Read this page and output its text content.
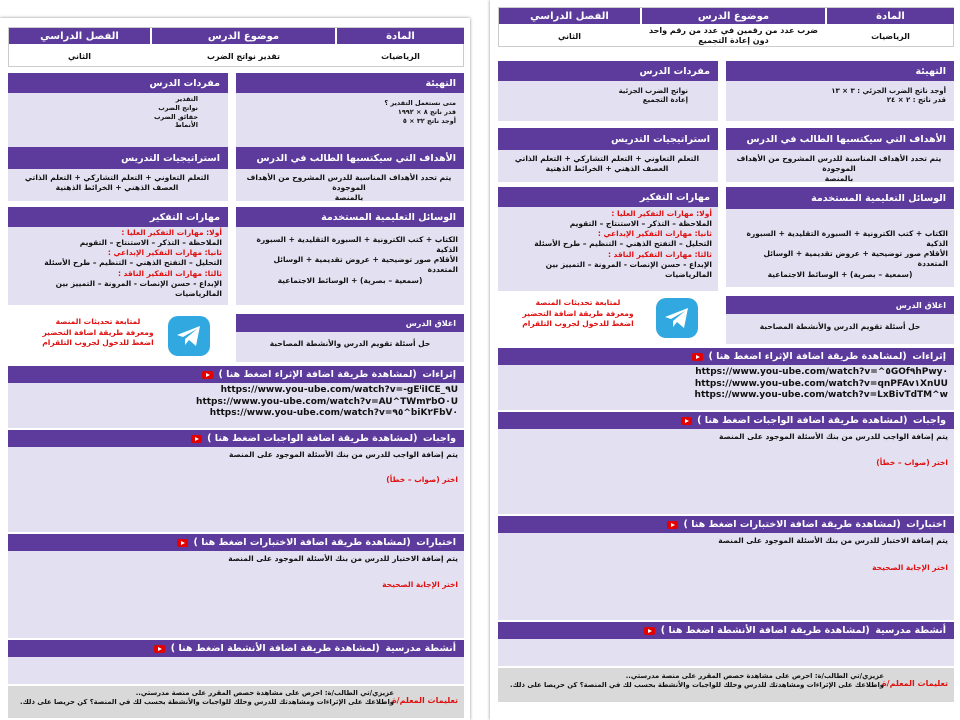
المادة
موضوع الدرس
الفصل الدراسي
الرياضيات
تقدير نواتج الضرب
الثاني
التهيئة
متى نستعمل التقدير ؟
قدر ناتج ٨ × ١٩٩٢
أوجد ناتج ٣٢ × ٥
مفردات الدرس
التقدير
نواتج الضرب
حقائق الضرب
الأنماط
الأهداف التي سيكتسبها الطالب في الدرس
يتم تحدد الأهداف المناسبة للدرس المشروح من الأهداف الموجودة
بالمنصة
استراتيجيات التدريس
التعلم التعاوني + التعلم التشاركي + التعلم الذاتي
العصف الذهني + الخرائط الذهنية
الوسائل التعليمية المستخدمة
الكتاب + كتب الكترونية + السبورة التقليدية + السبورة الذكية
الأقلام صور توضيحية + عروض تقديمية + الوسائل المتعددة
(سمعية – بصرية) + الوسائط الاجتماعية
مهارات التفكير
أولا: مهارات التفكير العليا :
الملاحظة – التذكر – الاستنتاج – التقويم
ثانيا: مهارات التفكير الإبداعي :
التحليل – التفتح الذهني – التنظيم – طرح الأسئلة
ثالثا: مهارات التفكير الناقد :
الإبداع - حسن الإنصات - المرونة – التمييز بين المالرياضيات
لمتابعة تحديثات المنصة
ومعرفة طريقة اضافة التحضير
اضغط للدخول لجروب التلقرام
اغلاق الدرس
حل أسئلة تقويم الدرس والأنشطة المصاحبة
إثراءات

(لمشاهدة طريقة اضافة الإثراء اضغط هنا )

https://www.you-ube.com/watch?v=-gEⁱiICE_٩U
https://www.you-ube.com/watch?v=AU^TWm٣bO٠U
https://www.you-ube.com/watch?v=٩٥^biK٢FbV٠
واجبات

(لمشاهدة طريقة اضافة الواجبات اضغط هنا )

يتم إضافة الواجب للدرس من بنك الأسئلة الموجود على المنصة
اختر (صواب – خطأ)
اختبارات

(لمشاهدة طريقة اضافة الاختبارات اضغط هنا )

يتم إضافة الاختبار للدرس من بنك الأسئلة الموجود على المنصة
اختر الإجابة الصحيحة
أنشطة مدرسية

(لمشاهدة طريقة اضافة الأنشطة اضغط هنا )

تعليمات المعلم/ة
عزيزي/تي الطالب/ة: احرص على مشاهدة حصص المقرر على منصة مدرستي..
واطلاعك على الإثراءات ومشاهدتك للدرس وحلك للواجبات والأنشطة بحسب لك في المنصة؟ كن حريصا على ذلك.
المادة
موضوع الدرس
الفصل الدراسي
الرياضيات
ضرب عدد من رقمين في عدد من رقم واحد دون إعادة التجميع
الثاني
التهيئة
أوجد ناتج الضرب الجزئي : ٣ × ١٣
قدر ناتج : ٢ × ٢٤
مفردات الدرس
نواتج الضرب الجزئية
إعادة التجميع
الأهداف التي سيكتسبها الطالب في الدرس
يتم تحدد الأهداف المناسبة للدرس المشروح من الأهداف الموجودة
بالمنصة
استراتيجيات التدريس
التعلم التعاوني + التعلم التشاركي + التعلم الذاتي
العصف الذهني + الخرائط الذهنية
الوسائل التعليمية المستخدمة
الكتاب + كتب الكترونية + السبورة التقليدية + السبورة الذكية
الأقلام صور توضيحية + عروض تقديمية + الوسائل المتعددة
(سمعية – بصرية) + الوسائط الاجتماعية
مهارات التفكير
أولا: مهارات التفكير العليا :
الملاحظة – التذكر – الاستنتاج – التقويم
ثانيا: مهارات التفكير الإبداعي :
التحليل – التفتح الذهني – التنظيم – طرح الأسئلة
ثالثا: مهارات التفكير الناقد :
الإبداع - حسن الإنصات - المرونة – التمييز بين المالرياضيات
لمتابعة تحديثات المنصة
ومعرفة طريقة اضافة التحضير
اضغط للدخول لجروب التلقرام
اغلاق الدرس
حل أسئلة تقويم الدرس والأنشطة المصاحبة
إثراءات

(لمشاهدة طريقة اضافة الإثراء اضغط هنا )

https://www.you-ube.com/watch?v=^٥GOf٩hPwy٠
https://www.you-ube.com/watch?v=qnPFAv١XnUU
https://www.you-ube.com/watch?v=LxBivTdTM^w
واجبات

(لمشاهدة طريقة اضافة الواجبات اضغط هنا )

يتم إضافة الواجب للدرس من بنك الأسئلة الموجود على المنصة
اختر (صواب – خطأ)
اختبارات

(لمشاهدة طريقة اضافة الاختبارات اضغط هنا )

يتم إضافة الاختبار للدرس من بنك الأسئلة الموجود على المنصة
اختر الإجابة الصحيحة
أنشطة مدرسية

(لمشاهدة طريقة اضافة الأنشطة اضغط هنا )

تعليمات المعلم/ة
عزيزي/تي الطالب/ة: احرص على مشاهدة حصص المقرر على منصة مدرستي..
واطلاعك على الإثراءات ومشاهدتك للدرس وحلك للواجبات والأنشطة بحسب لك في المنصة؟ كن حريصا على ذلك.
